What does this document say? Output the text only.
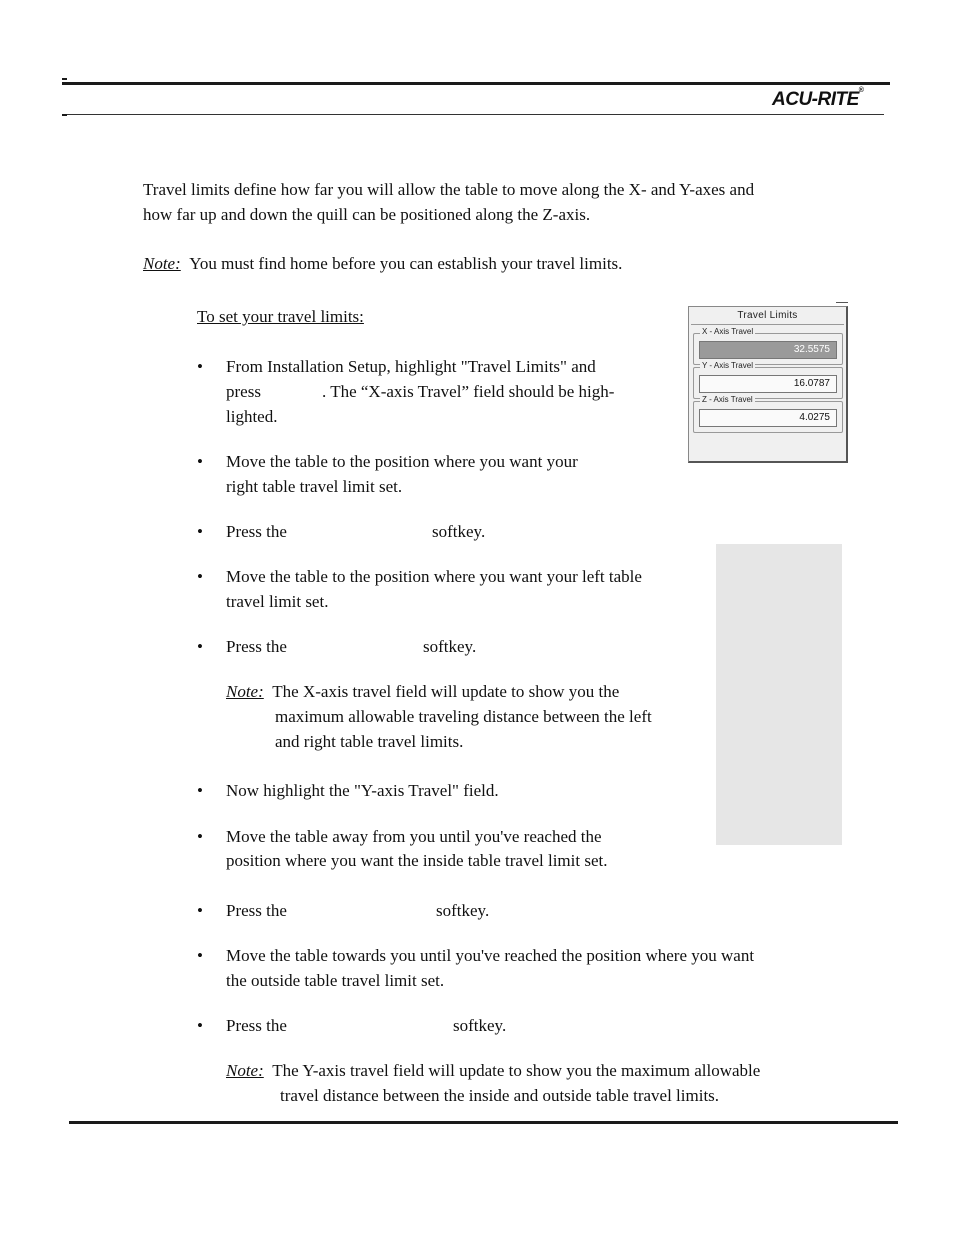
ACU-RITE®
Travel limits define how far you will allow the table to move along the X- and Y-axes and
how far up and down the quill can be positioned along the Z-axis.
Note: You must find home before you can establish your travel limits.
To set your travel limits:
• From Installation Setup, highlight "Travel Limits" and
press	. The “X-axis Travel” field should be high-
lighted.
• Move the table to the position where you want your
right table travel limit set.
• Press the	softkey.
• Move the table to the position where you want your left table
travel limit set.
• Press the	softkey.
Note: The X-axis travel field will update to show you the
maximum allowable traveling distance between the left
and right table travel limits.
• Now highlight the "Y-axis Travel" field.
• Move the table away from you until you've reached the
position where you want the inside table travel limit set.
• Press the	softkey.
• Move the table towards you until you've reached the position where you want
the outside table travel limit set.
• Press the	softkey.
Note: The Y-axis travel field will update to show you the maximum allowable
travel distance between the inside and outside table travel limits.
Travel Limits
X - Axis Travel
32.5575
Y - Axis Travel
16.0787
Z - Axis Travel
4.0275
